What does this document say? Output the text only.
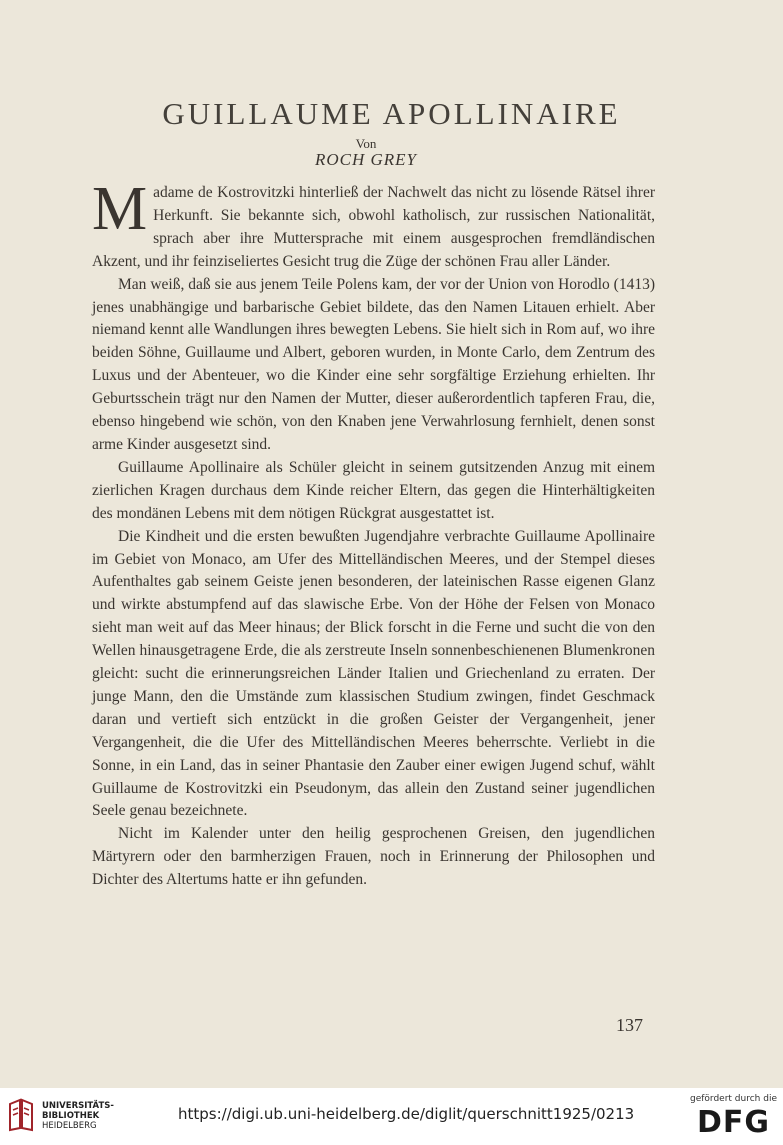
GUILLAUME APOLLINAIRE
Von
ROCH GREY

Madame de Kostrovitzki hinterließ der Nachwelt das nicht zu lösende Rätsel ihrer Herkunft. Sie bekannte sich, obwohl katholisch, zur russischen Nationalität, sprach aber ihre Muttersprache mit einem ausgesprochen fremdländischen Akzent, und ihr feinziseliertes Gesicht trug die Züge der schönen Frau aller Länder.

Man weiß, daß sie aus jenem Teile Polens kam, der vor der Union von Horodlo (1413) jenes unabhängige und barbarische Gebiet bildete, das den Namen Litauen erhielt. Aber niemand kennt alle Wandlungen ihres bewegten Lebens. Sie hielt sich in Rom auf, wo ihre beiden Söhne, Guillaume und Albert, geboren wurden, in Monte Carlo, dem Zentrum des Luxus und der Abenteuer, wo die Kinder eine sehr sorgfältige Erziehung erhielten. Ihr Geburtsschein trägt nur den Namen der Mutter, dieser außerordentlich tapferen Frau, die, ebenso hingebend wie schön, von den Knaben jene Verwahrlosung fernhielt, denen sonst arme Kinder ausgesetzt sind.

Guillaume Apollinaire als Schüler gleicht in seinem gutsitzenden Anzug mit einem zierlichen Kragen durchaus dem Kinde reicher Eltern, das gegen die Hinterhältigkeiten des mondänen Lebens mit dem nötigen Rückgrat ausgestattet ist.

Die Kindheit und die ersten bewußten Jugendjahre verbrachte Guillaume Apollinaire im Gebiet von Monaco, am Ufer des Mittelländischen Meeres, und der Stempel dieses Aufenthaltes gab seinem Geiste jenen besonderen, der lateinischen Rasse eigenen Glanz und wirkte abstumpfend auf das slawische Erbe. Von der Höhe der Felsen von Monaco sieht man weit auf das Meer hinaus; der Blick forscht in die Ferne und sucht die von den Wellen hinausgetragene Erde, die als zerstreute Inseln sonnenbeschienenen Blumenkronen gleicht: sucht die erinnerungsreichen Länder Italien und Griechenland zu erraten. Der junge Mann, den die Umstände zum klassischen Studium zwingen, findet Geschmack daran und vertieft sich entzückt in die großen Geister der Vergangenheit, jener Vergangenheit, die die Ufer des Mittelländischen Meeres beherrschte. Verliebt in die Sonne, in ein Land, das in seiner Phantasie den Zauber einer ewigen Jugend schuf, wählt Guillaume de Kostrovitzki ein Pseudonym, das allein den Zustand seiner jugendlichen Seele genau bezeichnete.

Nicht im Kalender unter den heilig gesprochenen Greisen, den jugendlichen Märtyrern oder den barmherzigen Frauen, noch in Erinnerung der Philosophen und Dichter des Altertums hatte er ihn gefunden.

137
UNIVERSITÄTS-
BIBLIOTHEK
HEIDELBERG
https://digi.ub.uni-heidelberg.de/diglit/querschnitt1925/0213
gefördert durch die
DFG
